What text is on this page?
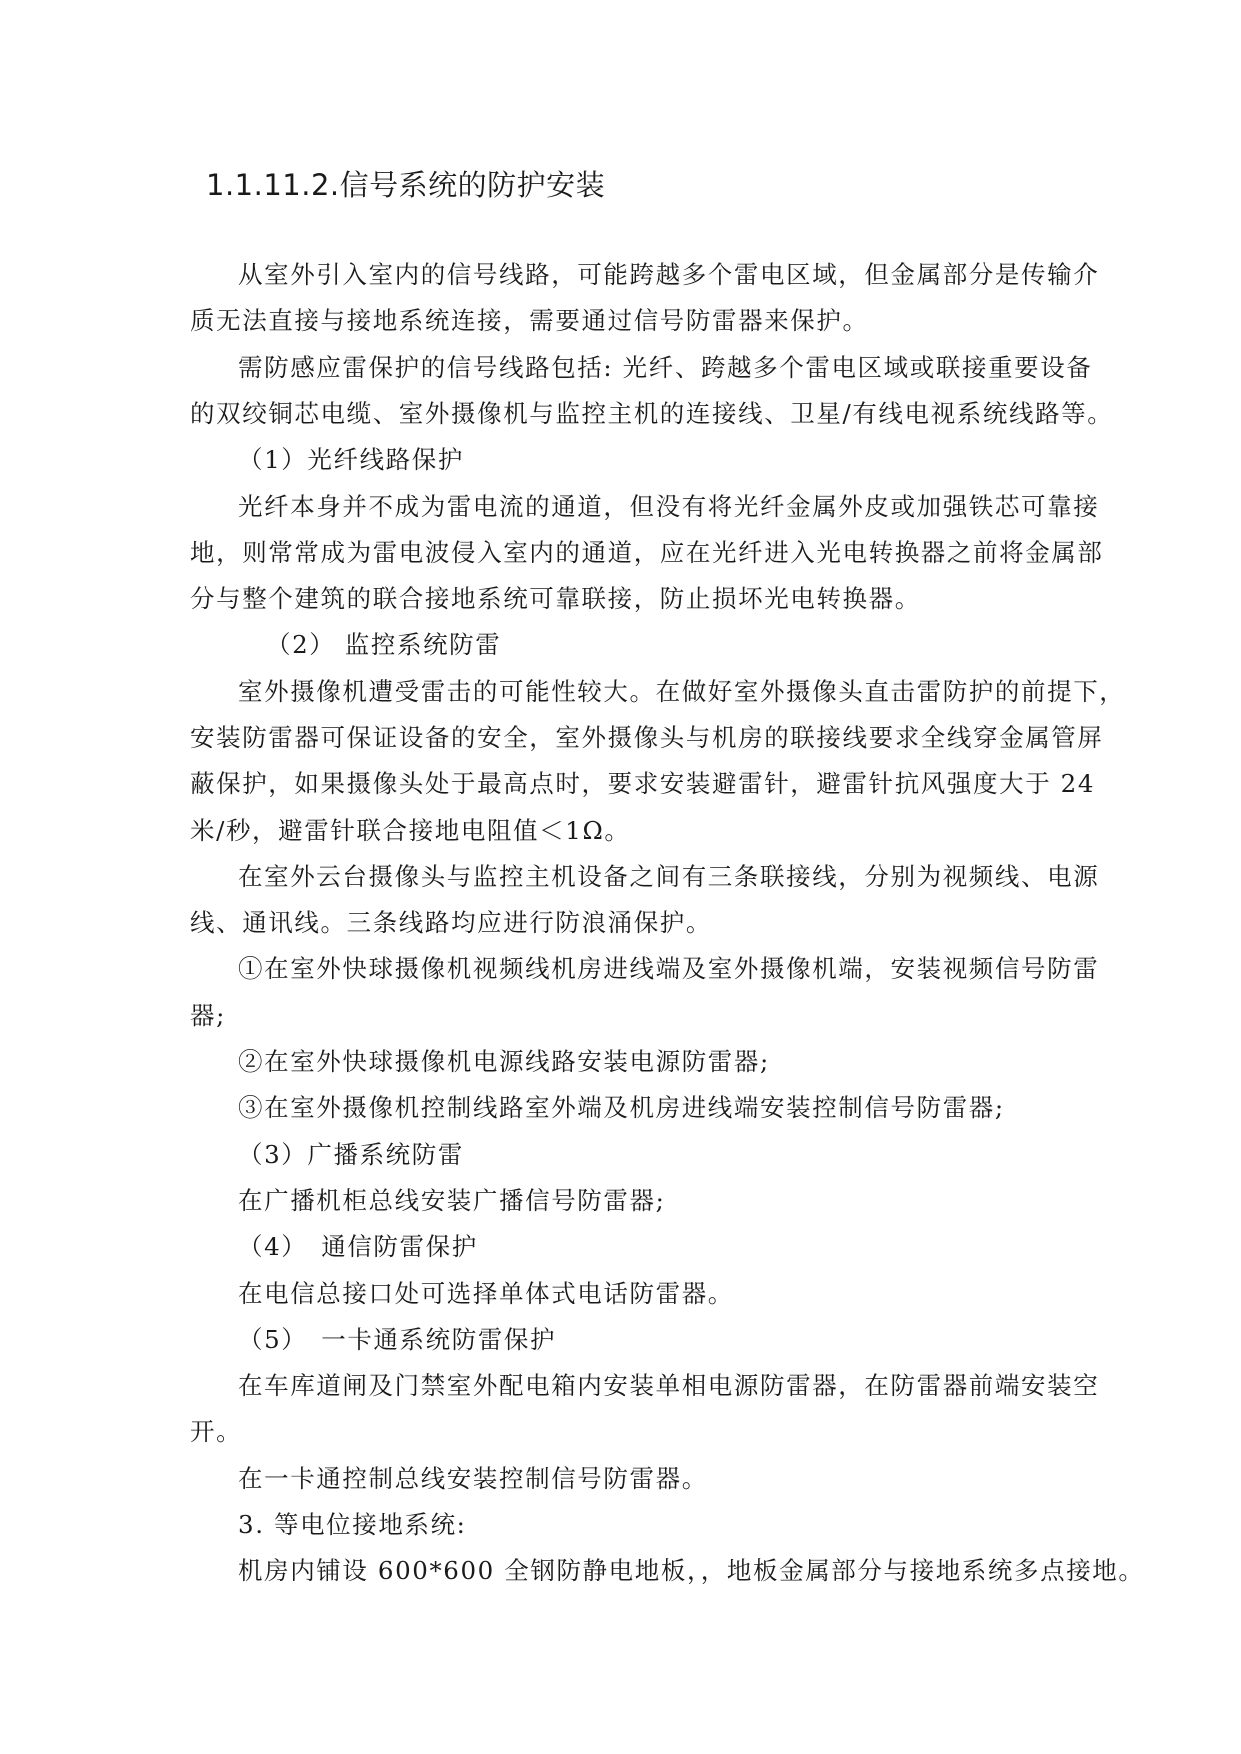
1.1.11.2.信号系统的防护安装
从室外引入室内的信号线路，可能跨越多个雷电区域，但金属部分是传输介
质无法直接与接地系统连接，需要通过信号防雷器来保护。
需防感应雷保护的信号线路包括: 光纤、跨越多个雷电区域或联接重要设备
的双绞铜芯电缆、室外摄像机与监控主机的连接线、卫星/有线电视系统线路等。
（1）光纤线路保护
光纤本身并不成为雷电流的通道，但没有将光纤金属外皮或加强铁芯可靠接
地，则常常成为雷电波侵入室内的通道，应在光纤进入光电转换器之前将金属部
分与整个建筑的联合接地系统可靠联接，防止损坏光电转换器。
（2） 监控系统防雷
室外摄像机遭受雷击的可能性较大。在做好室外摄像头直击雷防护的前提下，
安装防雷器可保证设备的安全，室外摄像头与机房的联接线要求全线穿金属管屏
蔽保护，如果摄像头处于最高点时，要求安装避雷针，避雷针抗风强度大于 24
米/秒，避雷针联合接地电阻值＜1Ω。
在室外云台摄像头与监控主机设备之间有三条联接线，分别为视频线、电源
线、通讯线。三条线路均应进行防浪涌保护。
①在室外快球摄像机视频线机房进线端及室外摄像机端，安装视频信号防雷
器;
②在室外快球摄像机电源线路安装电源防雷器;
③在室外摄像机控制线路室外端及机房进线端安装控制信号防雷器;
（3）广播系统防雷
在广播机柜总线安装广播信号防雷器;
（4）　通信防雷保护
在电信总接口处可选择单体式电话防雷器。
（5）　一卡通系统防雷保护
在车库道闸及门禁室外配电箱内安装单相电源防雷器，在防雷器前端安装空
开。
在一卡通控制总线安装控制信号防雷器。
3. 等电位接地系统:
机房内铺设 600*600 全钢防静电地板，，地板金属部分与接地系统多点接地。
